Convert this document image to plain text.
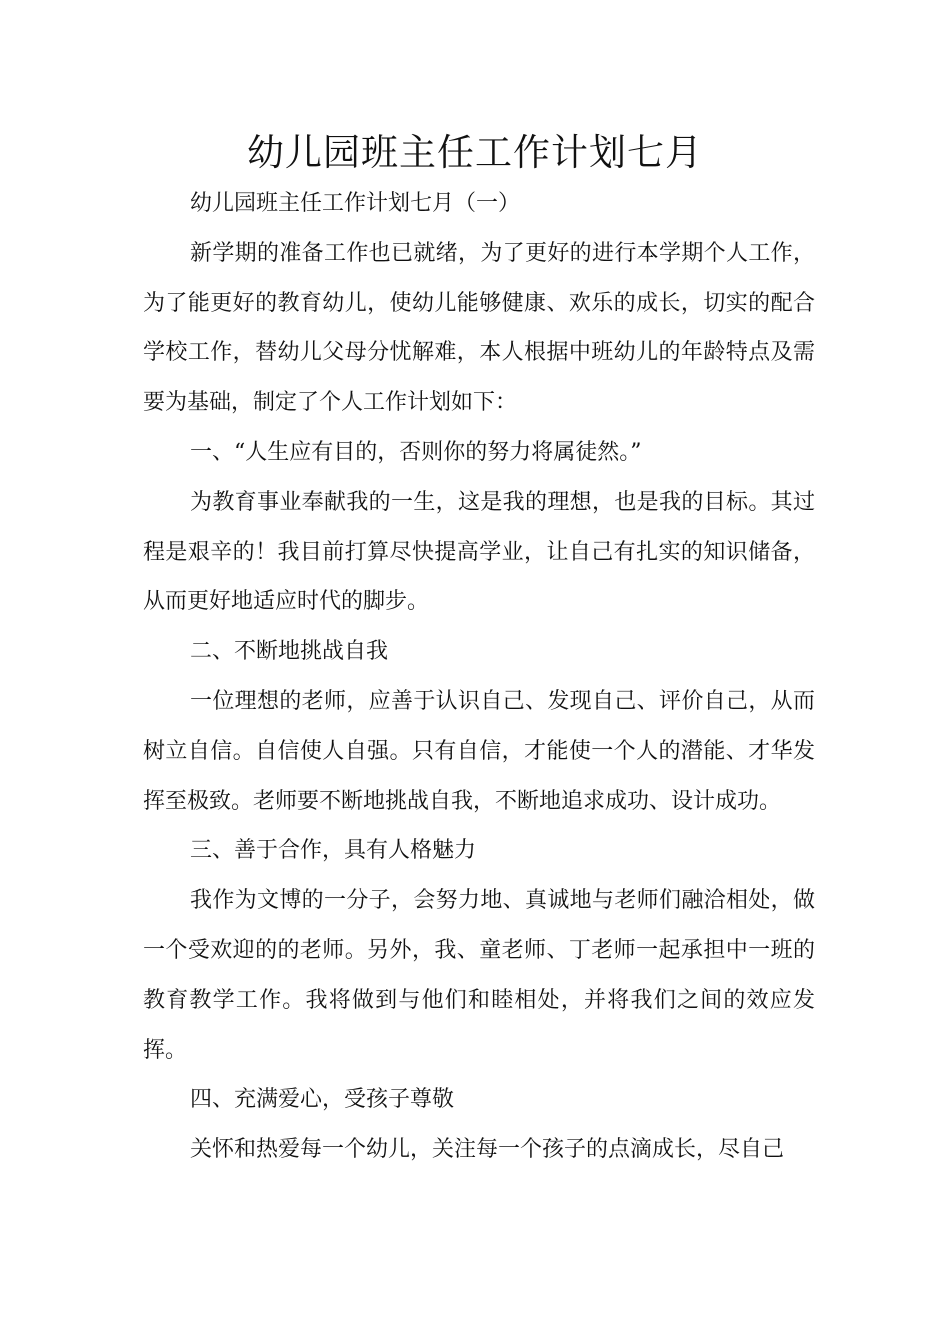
幼儿园班主任工作计划七月

幼儿园班主任工作计划七月（一）

新学期的准备工作也已就绪，为了更好的进行本学期个人工作，为了能更好的教育幼儿，使幼儿能够健康、欢乐的成长，切实的配合学校工作，替幼儿父母分忧解难，本人根据中班幼儿的年龄特点及需要为基础，制定了个人工作计划如下：

一、“人生应有目的，否则你的努力将属徒然。”

为教育事业奉献我的一生，这是我的理想，也是我的目标。其过程是艰辛的！我目前打算尽快提高学业，让自己有扎实的知识储备，从而更好地适应时代的脚步。

二、不断地挑战自我

一位理想的老师，应善于认识自己、发现自己、评价自己，从而树立自信。自信使人自强。只有自信，才能使一个人的潜能、才华发挥至极致。老师要不断地挑战自我，不断地追求成功、设计成功。

三、善于合作，具有人格魅力

我作为文博的一分子，会努力地、真诚地与老师们融洽相处，做一个受欢迎的的老师。另外，我、童老师、丁老师一起承担中一班的教育教学工作。我将做到与他们和睦相处，并将我们之间的效应发挥。

四、充满爱心，受孩子尊敬

关怀和热爱每一个幼儿，关注每一个孩子的点滴成长，尽自己
